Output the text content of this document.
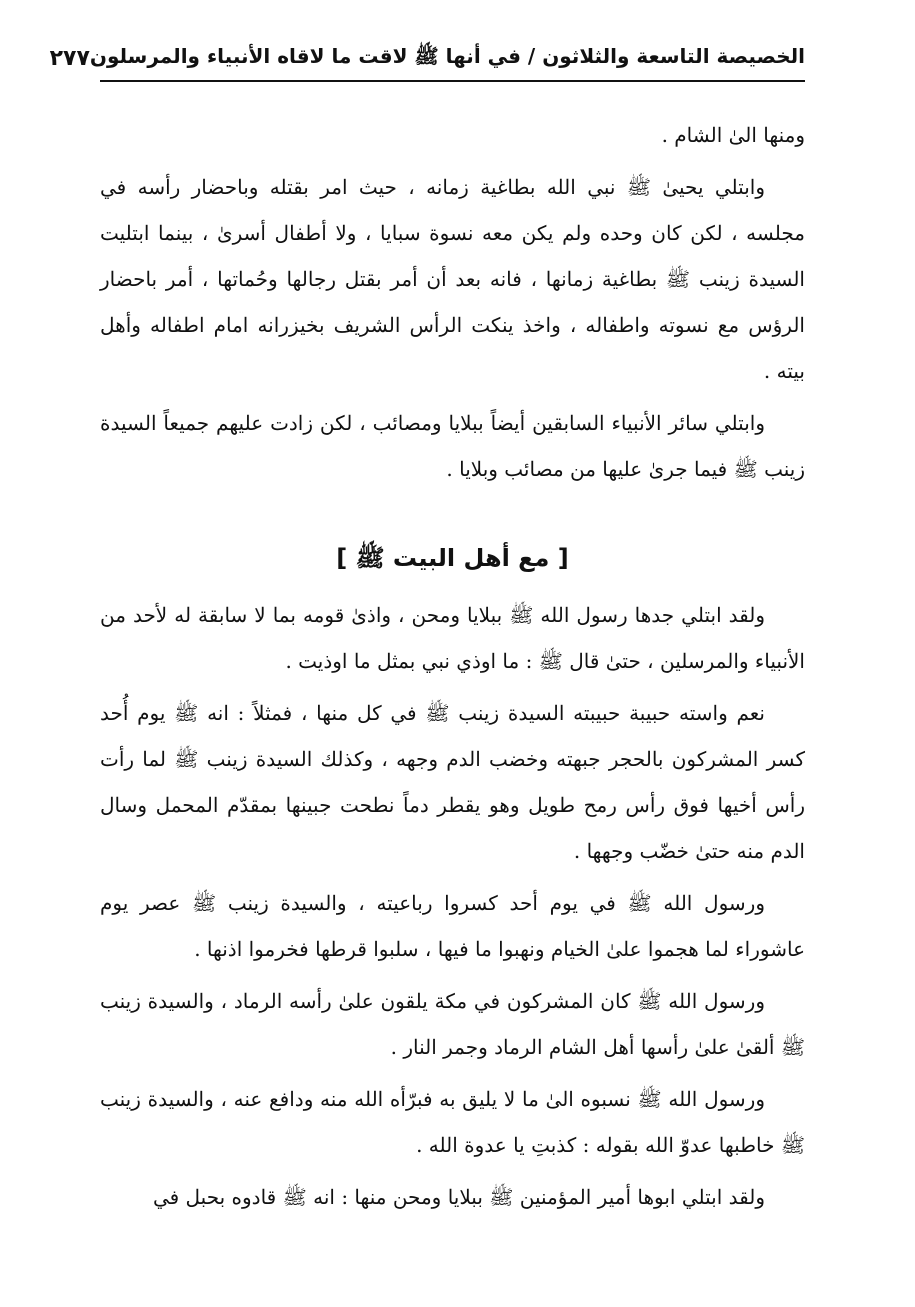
الخصيصة التاسعة والثلاثون / في أنها ﷺ لاقت ما لاقاه الأنبياء والمرسلون
٢٧٧

ومنها الىٰ الشام .

وابتلي يحيىٰ ﷺ نبي الله بطاغية زمانه ، حيث امر بقتله وباحضار رأسه في مجلسه ، لكن كان وحده ولم يكن معه نسوة سبايا ، ولا أطفال أسرىٰ ، بينما ابتليت السيدة زينب ﷺ بطاغية زمانها ، فانه بعد أن أمر بقتل رجالها وحُماتها ، أمر باحضار الرؤس مع نسوته واطفاله ، واخذ ينكت الرأس الشريف بخيزرانه امام اطفاله وأهل بيته .

وابتلي سائر الأنبياء السابقين أيضاً ببلايا ومصائب ، لكن زادت عليهم جميعاً السيدة زينب ﷺ فيما جرىٰ عليها من مصائب وبلايا .

[ مع أهل البيت ﷺ ]

ولقد ابتلي جدها رسول الله ﷺ ببلايا ومحن ، واذىٰ قومه بما لا سابقة له لأحد من الأنبياء والمرسلين ، حتىٰ قال ﷺ : ما اوذي نبي بمثل ما اوذيت .

نعم واسته حبيبة حبيبته السيدة زينب ﷺ في كل منها ، فمثلاً : انه ﷺ يوم أُحد كسر المشركون بالحجر جبهته وخضب الدم وجهه ، وكذلك السيدة زينب ﷺ لما رأت رأس أخيها فوق رأس رمح طويل وهو يقطر دماً نطحت جبينها بمقدّم المحمل وسال الدم منه حتىٰ خضّب وجهها .

ورسول الله ﷺ في يوم أحد كسروا رباعيته ، والسيدة زينب ﷺ عصر يوم عاشوراء لما هجموا علىٰ الخيام ونهبوا ما فيها ، سلبوا قرطها فخرموا اذنها .

ورسول الله ﷺ كان المشركون في مكة يلقون علىٰ رأسه الرماد ، والسيدة زينب ﷺ ألقىٰ علىٰ رأسها أهل الشام الرماد وجمر النار .

ورسول الله ﷺ نسبوه الىٰ ما لا يليق به فبرّأه الله منه ودافع عنه ، والسيدة زينب ﷺ خاطبها عدوّ الله بقوله : كذبتِ يا عدوة الله .

ولقد ابتلي ابوها أمير المؤمنين ﷺ ببلايا ومحن منها : انه ﷺ قادوه بحبل في
